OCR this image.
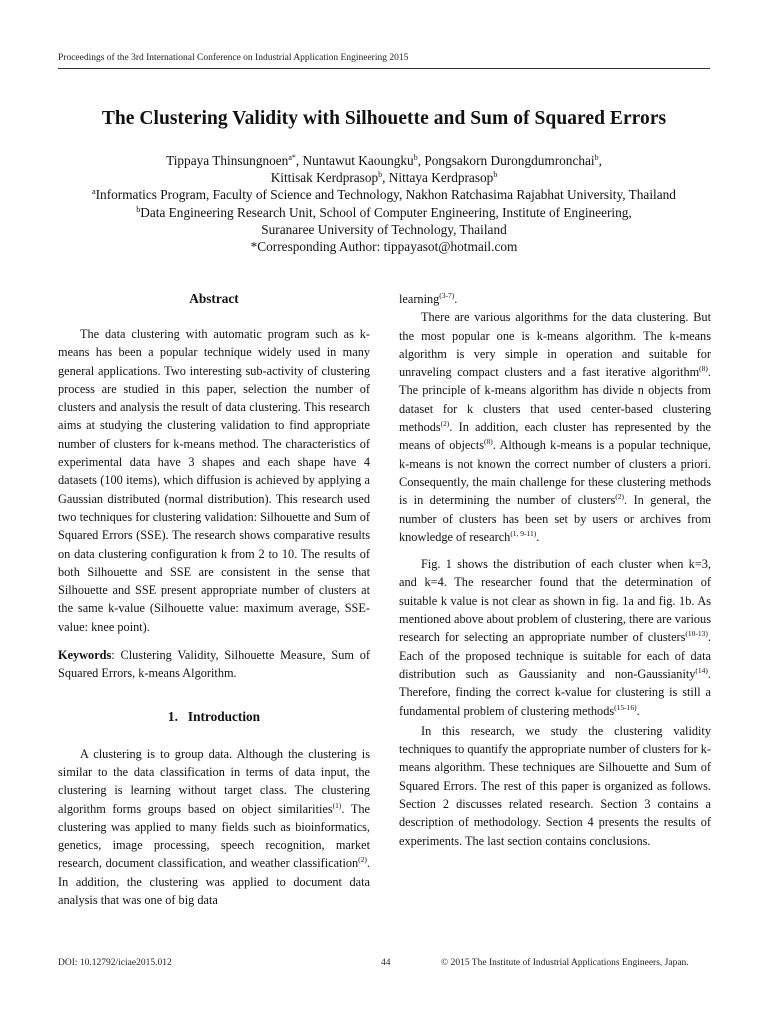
Proceedings of the 3rd International Conference on Industrial Application Engineering 2015
The Clustering Validity with Silhouette and Sum of Squared Errors
Tippaya Thinsungnoen$^{a*}$, Nuntawut Kaoungku$^b$, Pongsakorn Durongdumronchai$^b$,
Kittisak Kerdprasop$^b$, Nittaya Kerdprasop$^b$
$^a$Informatics Program, Faculty of Science and Technology, Nakhon Ratchasima Rajabhat University, Thailand
$^b$Data Engineering Research Unit, School of Computer Engineering, Institute of Engineering,
Suranaree University of Technology, Thailand
*Corresponding Author: tippayasot@hotmail.com
Abstract

The data clustering with automatic program such as k-means has been a popular technique widely used in many general applications. Two interesting sub-activity of clustering process are studied in this paper, selection the number of clusters and analysis the result of data clustering. This research aims at studying the clustering validation to find appropriate number of clusters for k-means method. The characteristics of experimental data have 3 shapes and each shape have 4 datasets (100 items), which diffusion is achieved by applying a Gaussian distributed (normal distribution). This research used two techniques for clustering validation: Silhouette and Sum of Squared Errors (SSE). The research shows comparative results on data clustering configuration k from 2 to 10. The results of both Silhouette and SSE are consistent in the sense that Silhouette and SSE present appropriate number of clusters at the same k-value (Silhouette value: maximum average, SSE-value: knee point).

Keywords: Clustering Validity, Silhouette Measure, Sum of Squared Errors, k-means Algorithm.

1. Introduction

A clustering is to group data. Although the clustering is similar to the data classification in terms of data input, the clustering is learning without target class. The clustering algorithm forms groups based on object similarities$^{(1)}$. The clustering was applied to many fields such as bioinformatics, genetics, image processing, speech recognition, market research, document classification, and weather classification$^{(2)}$. In addition, the clustering was applied to document data analysis that was one of big data

learning$^{(3-7)}$.

There are various algorithms for the data clustering. But the most popular one is k-means algorithm. The k-means algorithm is very simple in operation and suitable for unraveling compact clusters and a fast iterative algorithm$^{(8)}$. The principle of k-means algorithm has divide n objects from dataset for k clusters that used center-based clustering methods$^{(2)}$. In addition, each cluster has represented by the means of objects$^{(8)}$. Although k-means is a popular technique, k-means is not known the correct number of clusters a priori. Consequently, the main challenge for these clustering methods is in determining the number of clusters$^{(2)}$. In general, the number of clusters has been set by users or archives from knowledge of research$^{(1, 9-11)}$.

Fig. 1 shows the distribution of each cluster when k=3, and k=4. The researcher found that the determination of suitable k value is not clear as shown in fig. 1a and fig. 1b. As mentioned above about problem of clustering, there are various research for selecting an appropriate number of clusters$^{(10-13)}$. Each of the proposed technique is suitable for each of data distribution such as Gaussianity and non-Gaussianity$^{(14)}$. Therefore, finding the correct k-value for clustering is still a fundamental problem of clustering methods$^{(15-16)}$.

In this research, we study the clustering validity techniques to quantify the appropriate number of clusters for k-means algorithm. These techniques are Silhouette and Sum of Squared Errors. The rest of this paper is organized as follows. Section 2 discusses related research. Section 3 contains a description of methodology. Section 4 presents the results of experiments. The last section contains conclusions.

DOI: 10.12792/iciae2015.012	44	© 2015 The Institute of Industrial Applications Engineers, Japan.
